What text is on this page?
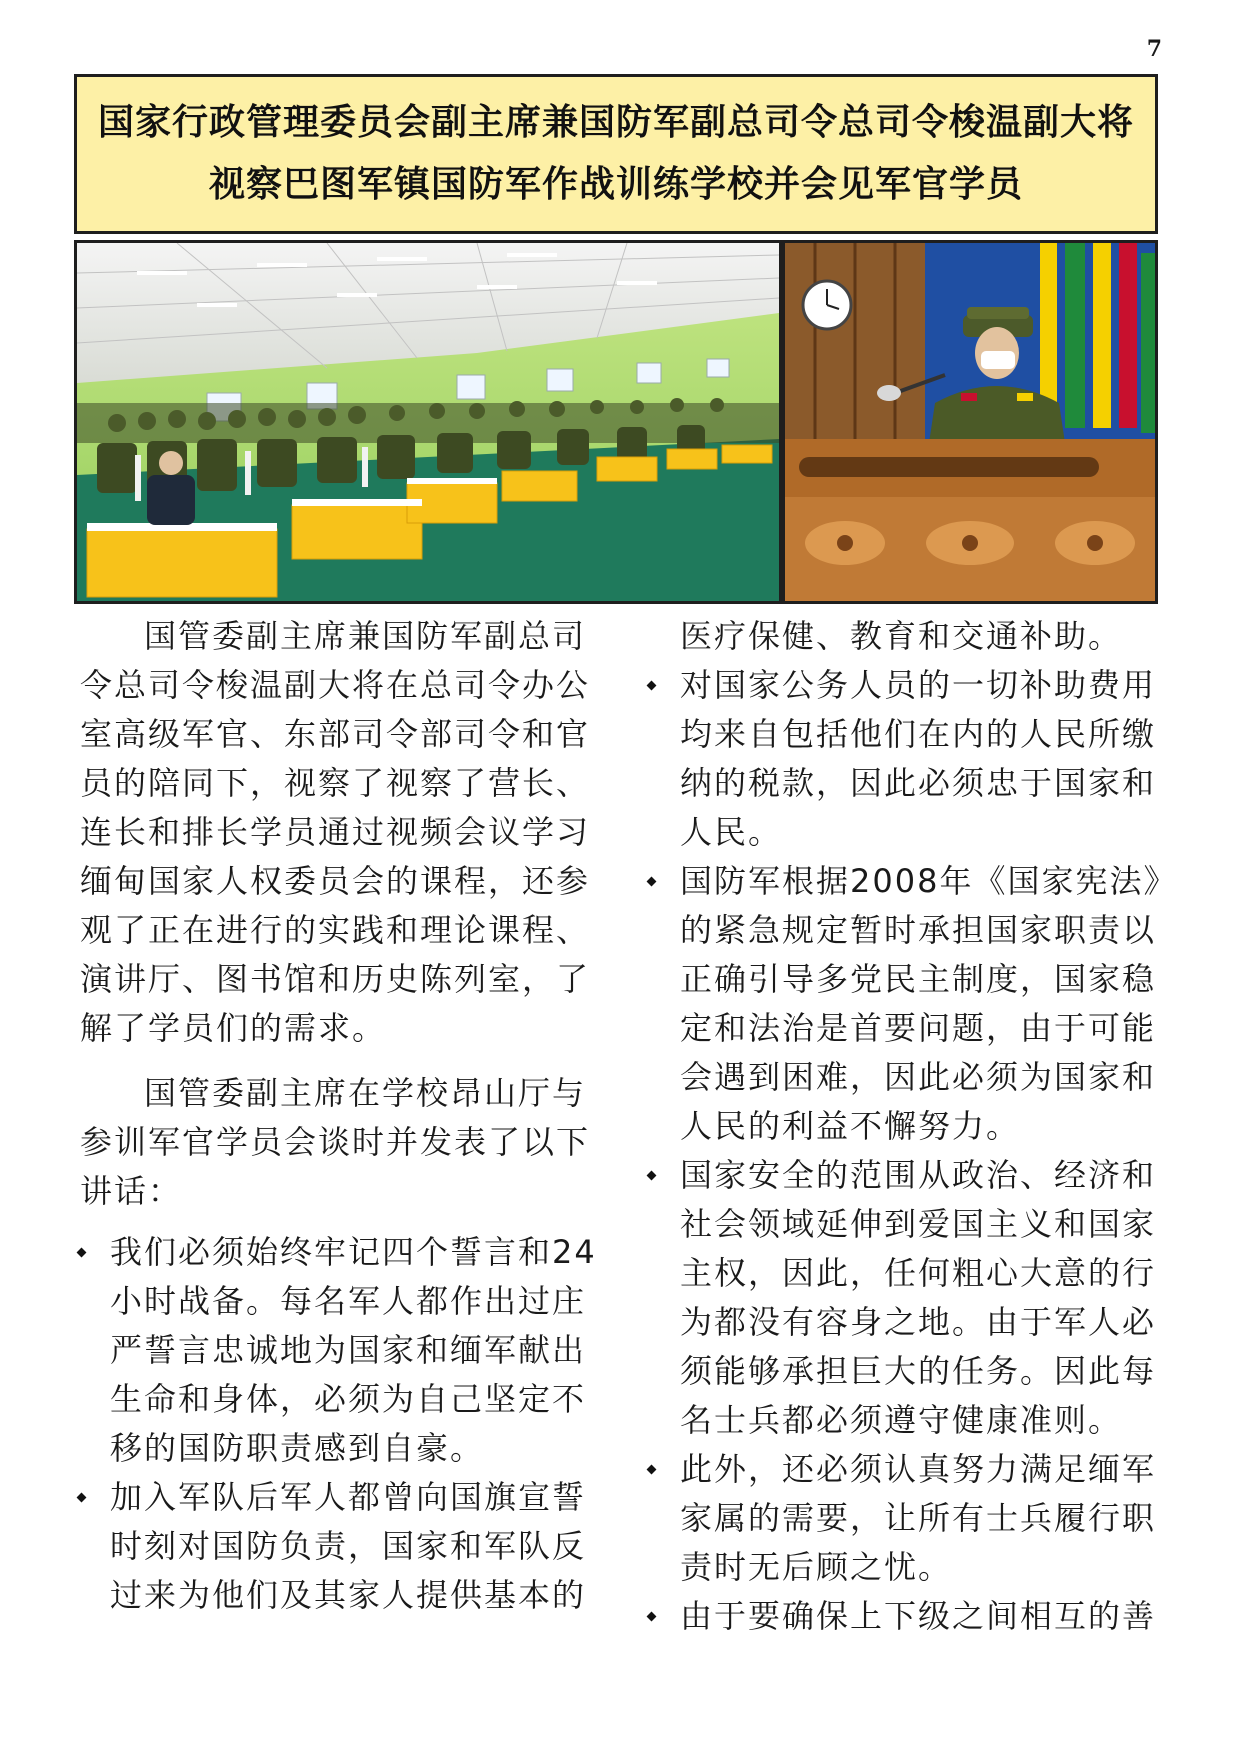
7
国家行政管理委员会副主席兼国防军副总司令总司令梭温副大将
视察巴图军镇国防军作战训练学校并会见军官学员

国管委副主席兼国防军副总司令总司令梭温副大将在总司令办公室高级军官、东部司令部司令和官员的陪同下，视察了视察了营长、连长和排长学员通过视频会议学习缅甸国家人权委员会的课程，还参观了正在进行的实践和理论课程、演讲厅、图书馆和历史陈列室，了解了学员们的需求。

国管委副主席在学校昂山厅与参训军官学员会谈时并发表了以下讲话：

我们必须始终牢记四个誓言和24小时战备。每名军人都作出过庄严誓言忠诚地为国家和缅军献出生命和身体，必须为自己坚定不移的国防职责感到自豪。
加入军队后军人都曾向国旗宣誓时刻对国防负责，国家和军队反过来为他们及其家人提供基本的

医疗保健、教育和交通补助。

对国家公务人员的一切补助费用均来自包括他们在内的人民所缴纳的税款，因此必须忠于国家和人民。
国防军根据2008年《国家宪法》的紧急规定暂时承担国家职责以正确引导多党民主制度，国家稳定和法治是首要问题，由于可能会遇到困难，因此必须为国家和人民的利益不懈努力。
国家安全的范围从政治、经济和社会领域延伸到爱国主义和国家主权，因此，任何粗心大意的行为都没有容身之地。由于军人必须能够承担巨大的任务。因此每名士兵都必须遵守健康准则。
此外，还必须认真努力满足缅军家属的需要，让所有士兵履行职责时无后顾之忧。
由于要确保上下级之间相互的善
